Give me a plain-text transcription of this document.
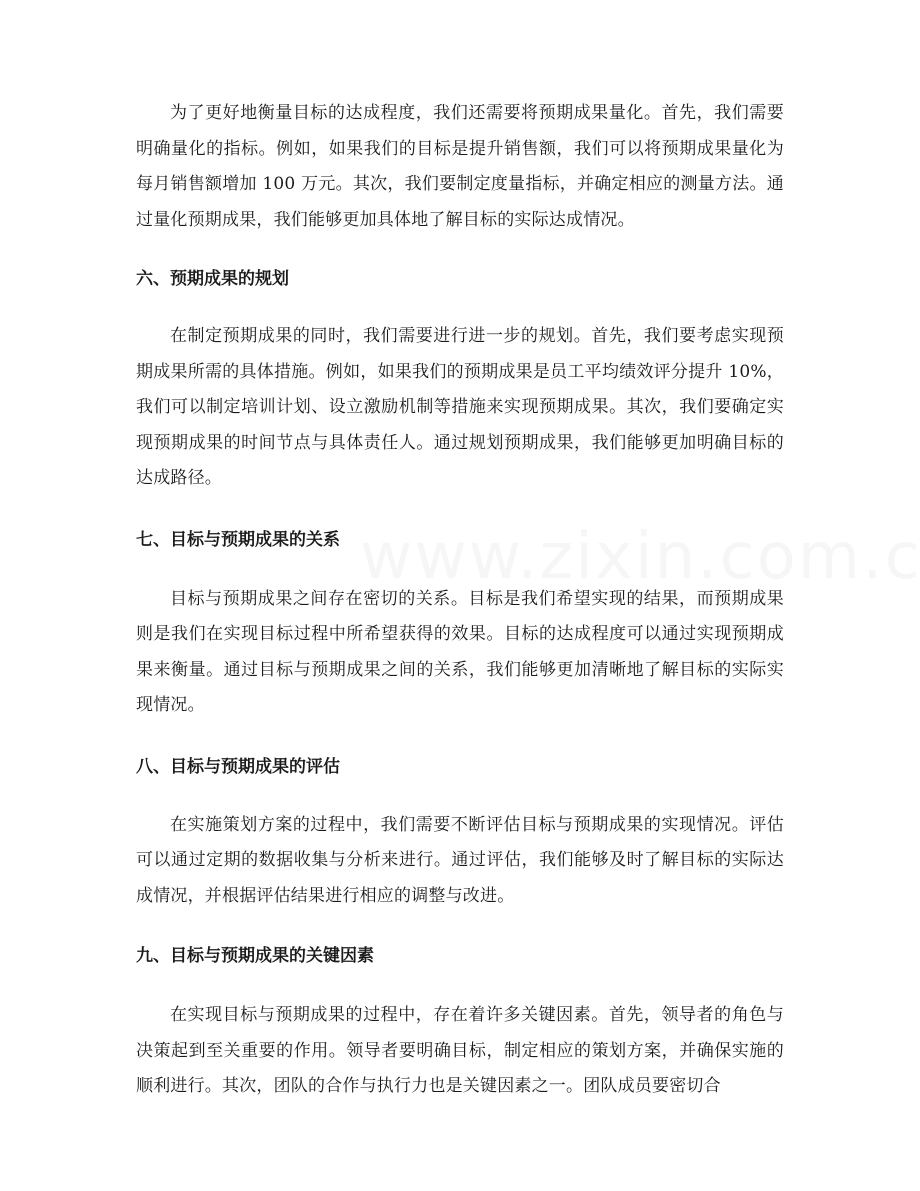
为了更好地衡量目标的达成程度，我们还需要将预期成果量化。首先，我们需要明确量化的指标。例如，如果我们的目标是提升销售额，我们可以将预期成果量化为每月销售额增加 100 万元。其次，我们要制定度量指标，并确定相应的测量方法。通过量化预期成果，我们能够更加具体地了解目标的实际达成情况。

六、预期成果的规划

在制定预期成果的同时，我们需要进行进一步的规划。首先，我们要考虑实现预期成果所需的具体措施。例如，如果我们的预期成果是员工平均绩效评分提升 10%，我们可以制定培训计划、设立激励机制等措施来实现预期成果。其次，我们要确定实现预期成果的时间节点与具体责任人。通过规划预期成果，我们能够更加明确目标的达成路径。

七、目标与预期成果的关系

目标与预期成果之间存在密切的关系。目标是我们希望实现的结果，而预期成果则是我们在实现目标过程中所希望获得的效果。目标的达成程度可以通过实现预期成果来衡量。通过目标与预期成果之间的关系，我们能够更加清晰地了解目标的实际实现情况。

八、目标与预期成果的评估

在实施策划方案的过程中，我们需要不断评估目标与预期成果的实现情况。评估可以通过定期的数据收集与分析来进行。通过评估，我们能够及时了解目标的实际达成情况，并根据评估结果进行相应的调整与改进。

九、目标与预期成果的关键因素

在实现目标与预期成果的过程中，存在着许多关键因素。首先，领导者的角色与决策起到至关重要的作用。领导者要明确目标，制定相应的策划方案，并确保实施的顺利进行。其次，团队的合作与执行力也是关键因素之一。团队成员要密切合
